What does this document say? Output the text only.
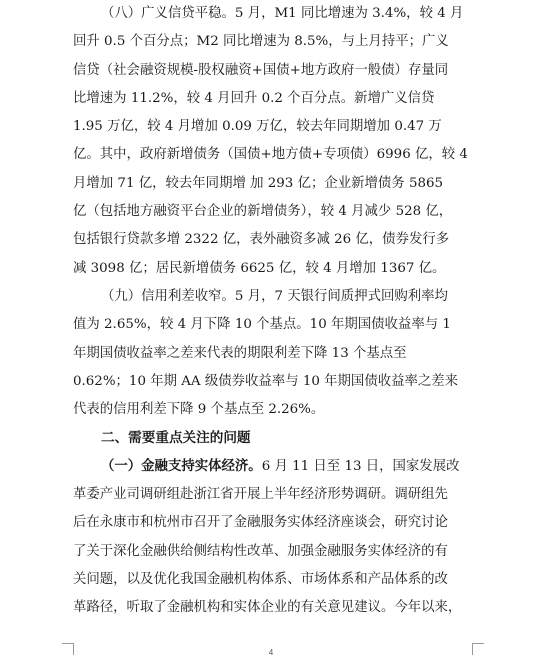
（八）广义信贷平稳。5 月，M1 同比增速为 3.4%，较 4 月
回升 0.5 个百分点；M2 同比增速为 8.5%，与上月持平；广义
信贷（社会融资规模-股权融资+国债+地方政府一般债）存量同
比增速为 11.2%，较 4 月回升 0.2 个百分点。新增广义信贷
1.95 万亿，较 4 月增加 0.09 万亿，较去年同期增加 0.47 万
亿。其中，政府新增债务（国债+地方债+专项债）6996 亿，较 4
月增加 71 亿，较去年同期增 加 293 亿；企业新增债务 5865
亿（包括地方融资平台企业的新增债务），较 4 月减少 528 亿，
包括银行贷款多增 2322 亿，表外融资多减 26 亿，债券发行多
减 3098 亿；居民新增债务 6625 亿，较 4 月增加 1367 亿。
（九）信用利差收窄。5 月，7 天银行间质押式回购利率均
值为 2.65%，较 4 月下降 10 个基点。10 年期国债收益率与 1
年期国债收益率之差来代表的期限利差下降 13 个基点至
0.62%；10 年期 AA 级债券收益率与 10 年期国债收益率之差来
代表的信用利差下降 9 个基点至 2.26%。
二、需要重点关注的问题
（一）金融支持实体经济。6 月 11 日至 13 日，国家发展改
革委产业司调研组赴浙江省开展上半年经济形势调研。调研组先
后在永康市和杭州市召开了金融服务实体经济座谈会，研究讨论
了关于深化金融供给侧结构性改革、加强金融服务实体经济的有
关问题，以及优化我国金融机构体系、市场体系和产品体系的改
革路径，听取了金融机构和实体企业的有关意见建议。今年以来，
4
